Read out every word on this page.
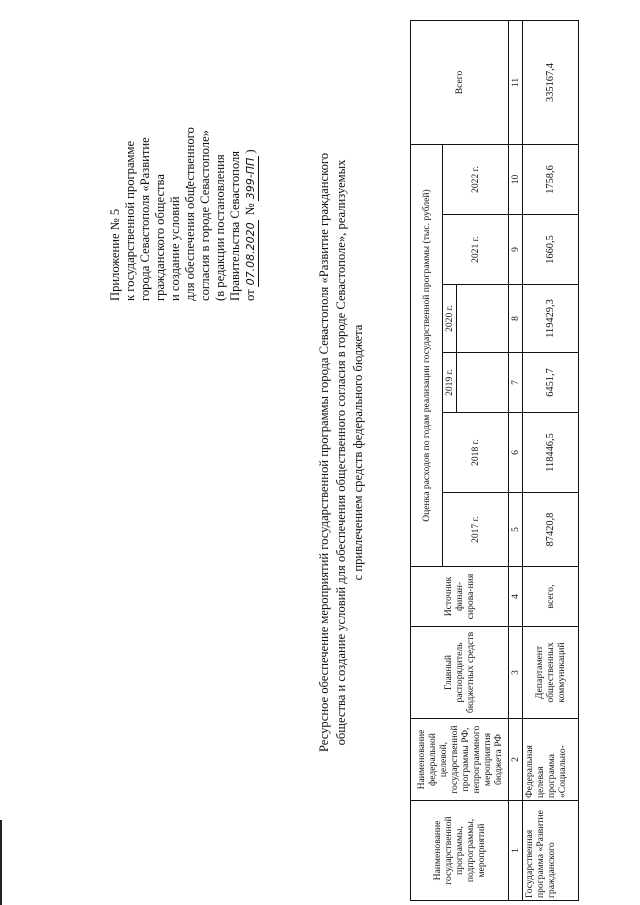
Приложение № 5 к государственной программе города Севастополя «Развитие гражданского общества и создание условий для обеспечения общественного согласия в городе Севастополе» (в редакции постановления Правительства Севастополя от07.08.2020 №399-ПП)
Ресурсное обеспечение мероприятий государственной программы города Севастополя «Развитие гражданского общества и создание условий для обеспечения общественного согласия в городе Севастополе», реализуемых с привлечением средств федерального бюджета
Наименование государственной программы, подпрограммы, мероприятий	Наименование федеральной целевой, государственной программы РФ, непрограммного мероприятия бюджета РФ	Главный распорядитель бюджетных средств	Источник финан-сирова-ния	Оценка расходов по годам реализации государственной программы (тыс. рублей)						Всего
				2017 г.	2018 г.	2019 г.	2020 г.	2021 г.	2022 г.	

1	2	3	4	5	6	7	8	9	10	11
Государственная программа «Развитие гражданского	Федеральная целевая программа «Социально-	Департамент общественных коммуникаций	всего,	87420,8	118446,5	6451,7	119429,3	1660,5	1758,6	335167,4
